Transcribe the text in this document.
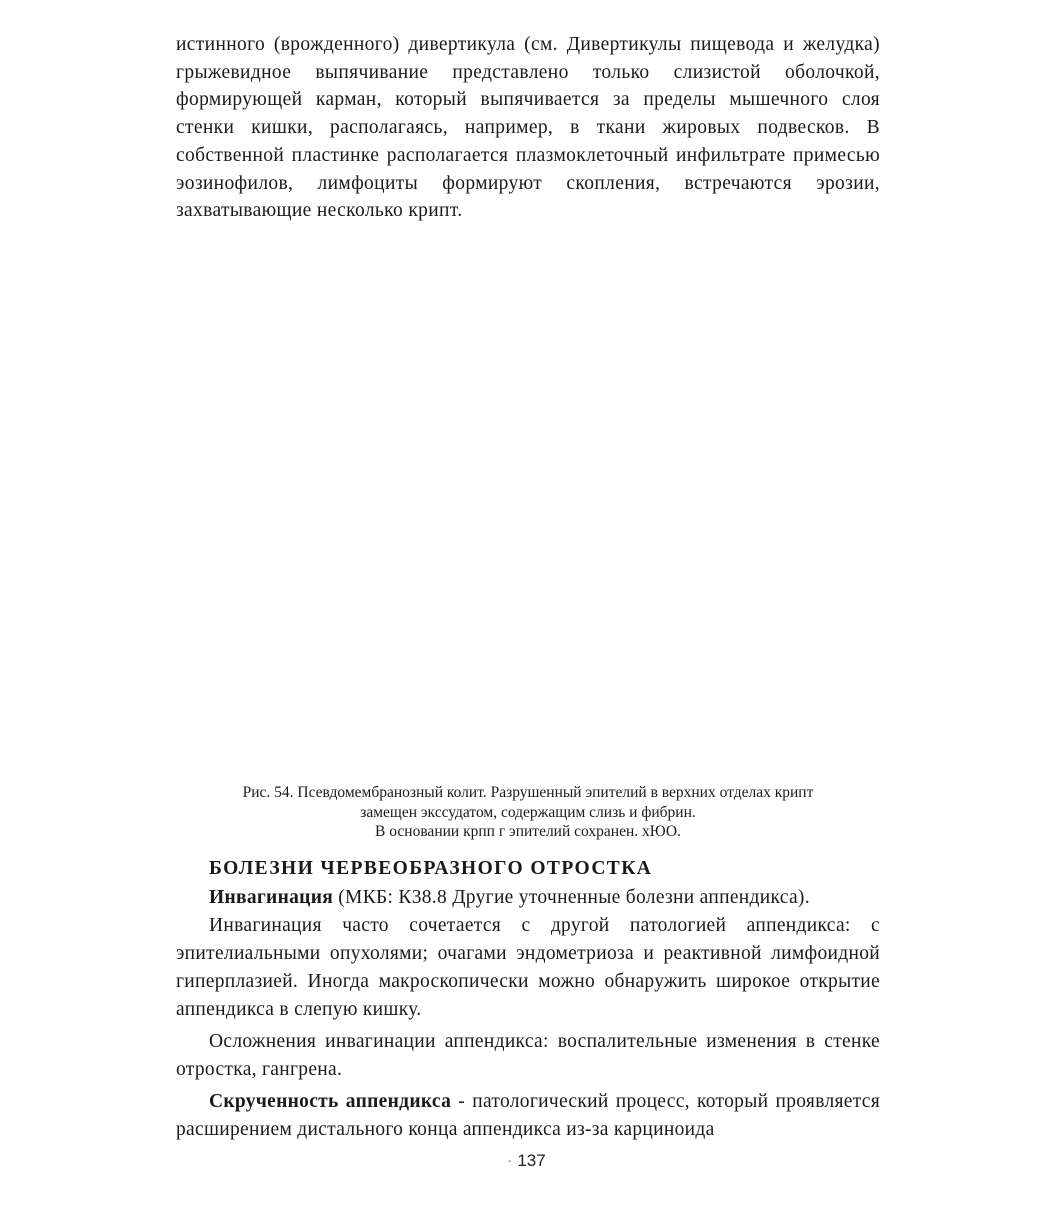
истинного (врожденного) дивертикула (см. Дивертикулы пищевода и желудка) грыжевидное выпячивание представлено только слизистой оболочкой, формирующей карман, который выпячивается за пределы мышечного слоя стенки кишки, располагаясь, например, в ткани жировых подвесков. В собственной пластинке располагается плазмоклеточный инфильтрате примесью эозинофилов, лимфоциты формируют скопления, встречаются эрозии, захватывающие несколько крипт.
Рис. 54. Псевдомембранозный колит. Разрушенный эпителий в верхних отделах крипт
замещен экссудатом, содержащим слизь и фибрин.
В основании крпп г эпителий сохранен. хЮО.
БОЛЕЗНИ ЧЕРВЕОБРАЗНОГО ОТРОСТКА

Инвагинация (МКБ: К38.8 Другие уточненные болезни аппендикса).

Инвагинация часто сочетается с другой патологией аппендикса: с эпителиальными опухолями; очагами эндометриоза и реактивной лимфоидной гиперплазией. Иногда макроскопически можно обнаружить широкое открытие аппендикса в слепую кишку.

Осложнения инвагинации аппендикса: воспалительные изменения в стенке отростка, гангрена.

Скрученность аппендикса - патологический процесс, который проявляется расширением дистального конца аппендикса из-за карциноида

- 137
